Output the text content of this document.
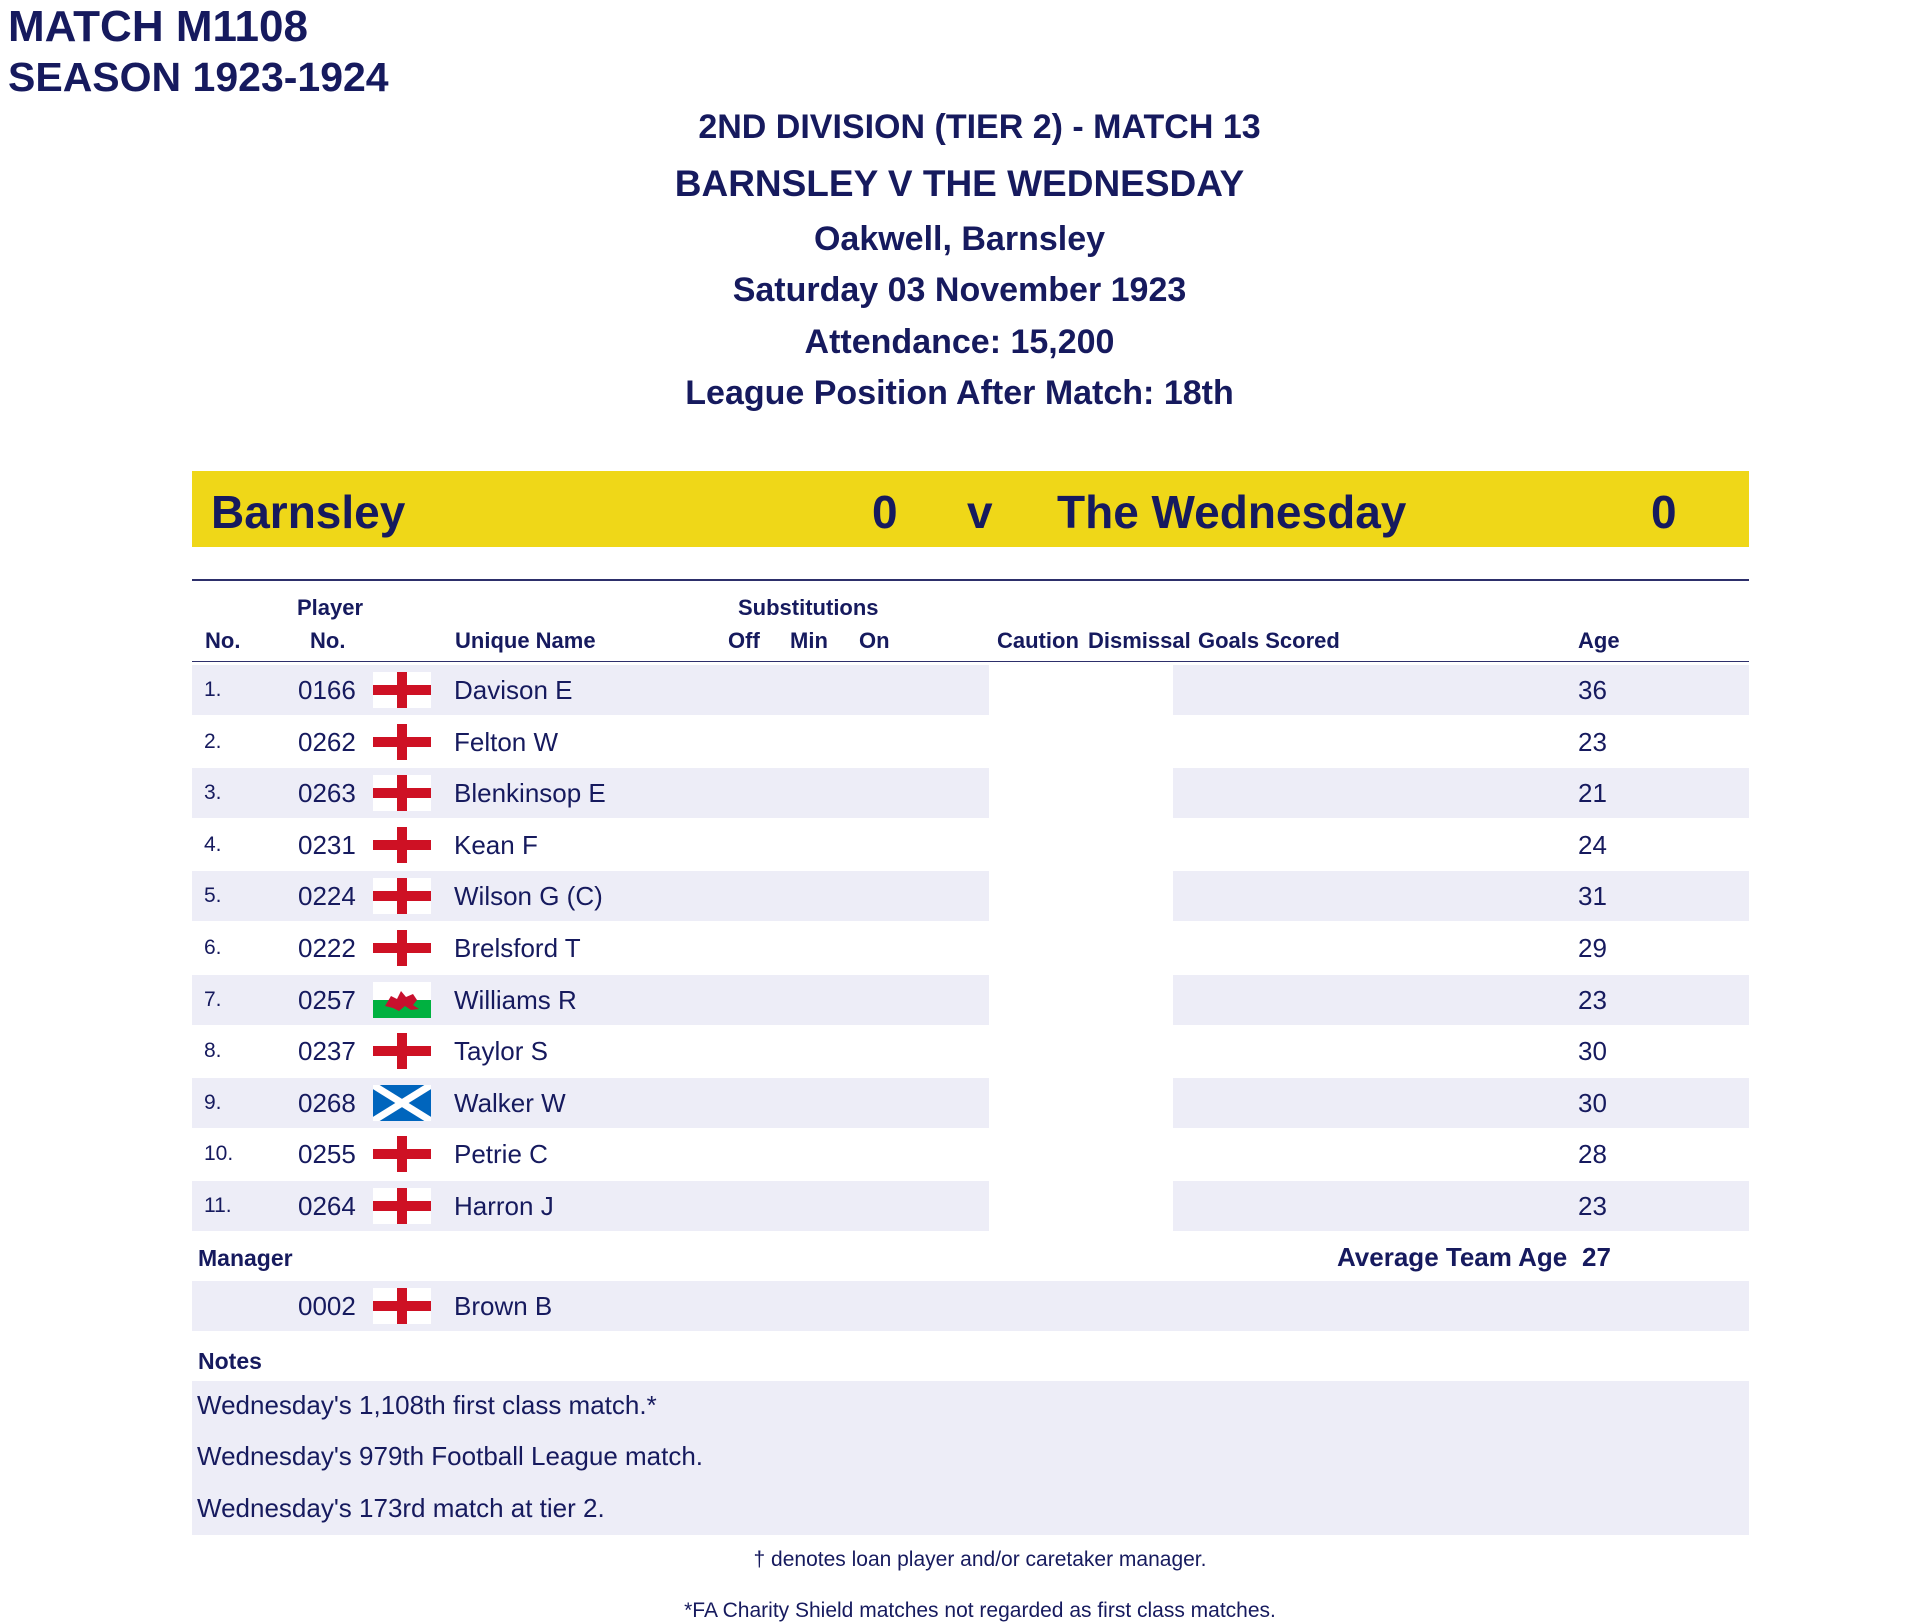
MATCH M1108
SEASON 1923-1924
2ND DIVISION (TIER 2) - MATCH 13
BARNSLEY V THE WEDNESDAY
Oakwell, Barnsley
Saturday 03 November 1923
Attendance: 15,200
League Position After Match: 18th
Barnsley	0 v The Wednesday	0
No.
Player
No.	Unique Name
Substitutions
Off Min On	Caution Dismissal Goals Scored	Age
1.	0166	Davison E	36
2.	0262	Felton W	23
3.	0263	Blenkinsop E	21
4.	0231	Kean F	24
5.	0224	Wilson G (C)	31
6.	0222	Brelsford T	29
7.	0257	Williams R	23
8.	0237	Taylor S	30
9.	0268	Walker W	30
10. 0255	Petrie C	28
11.	0264	Harron J	23
Manager	Average Team Age 27
0002	Brown B
Notes
Wednesday's 1,108th first class match.*
Wednesday's 979th Football League match.
Wednesday's 173rd match at tier 2.
† denotes loan player and/or caretaker manager.
*FA Charity Shield matches not regarded as first class matches.
